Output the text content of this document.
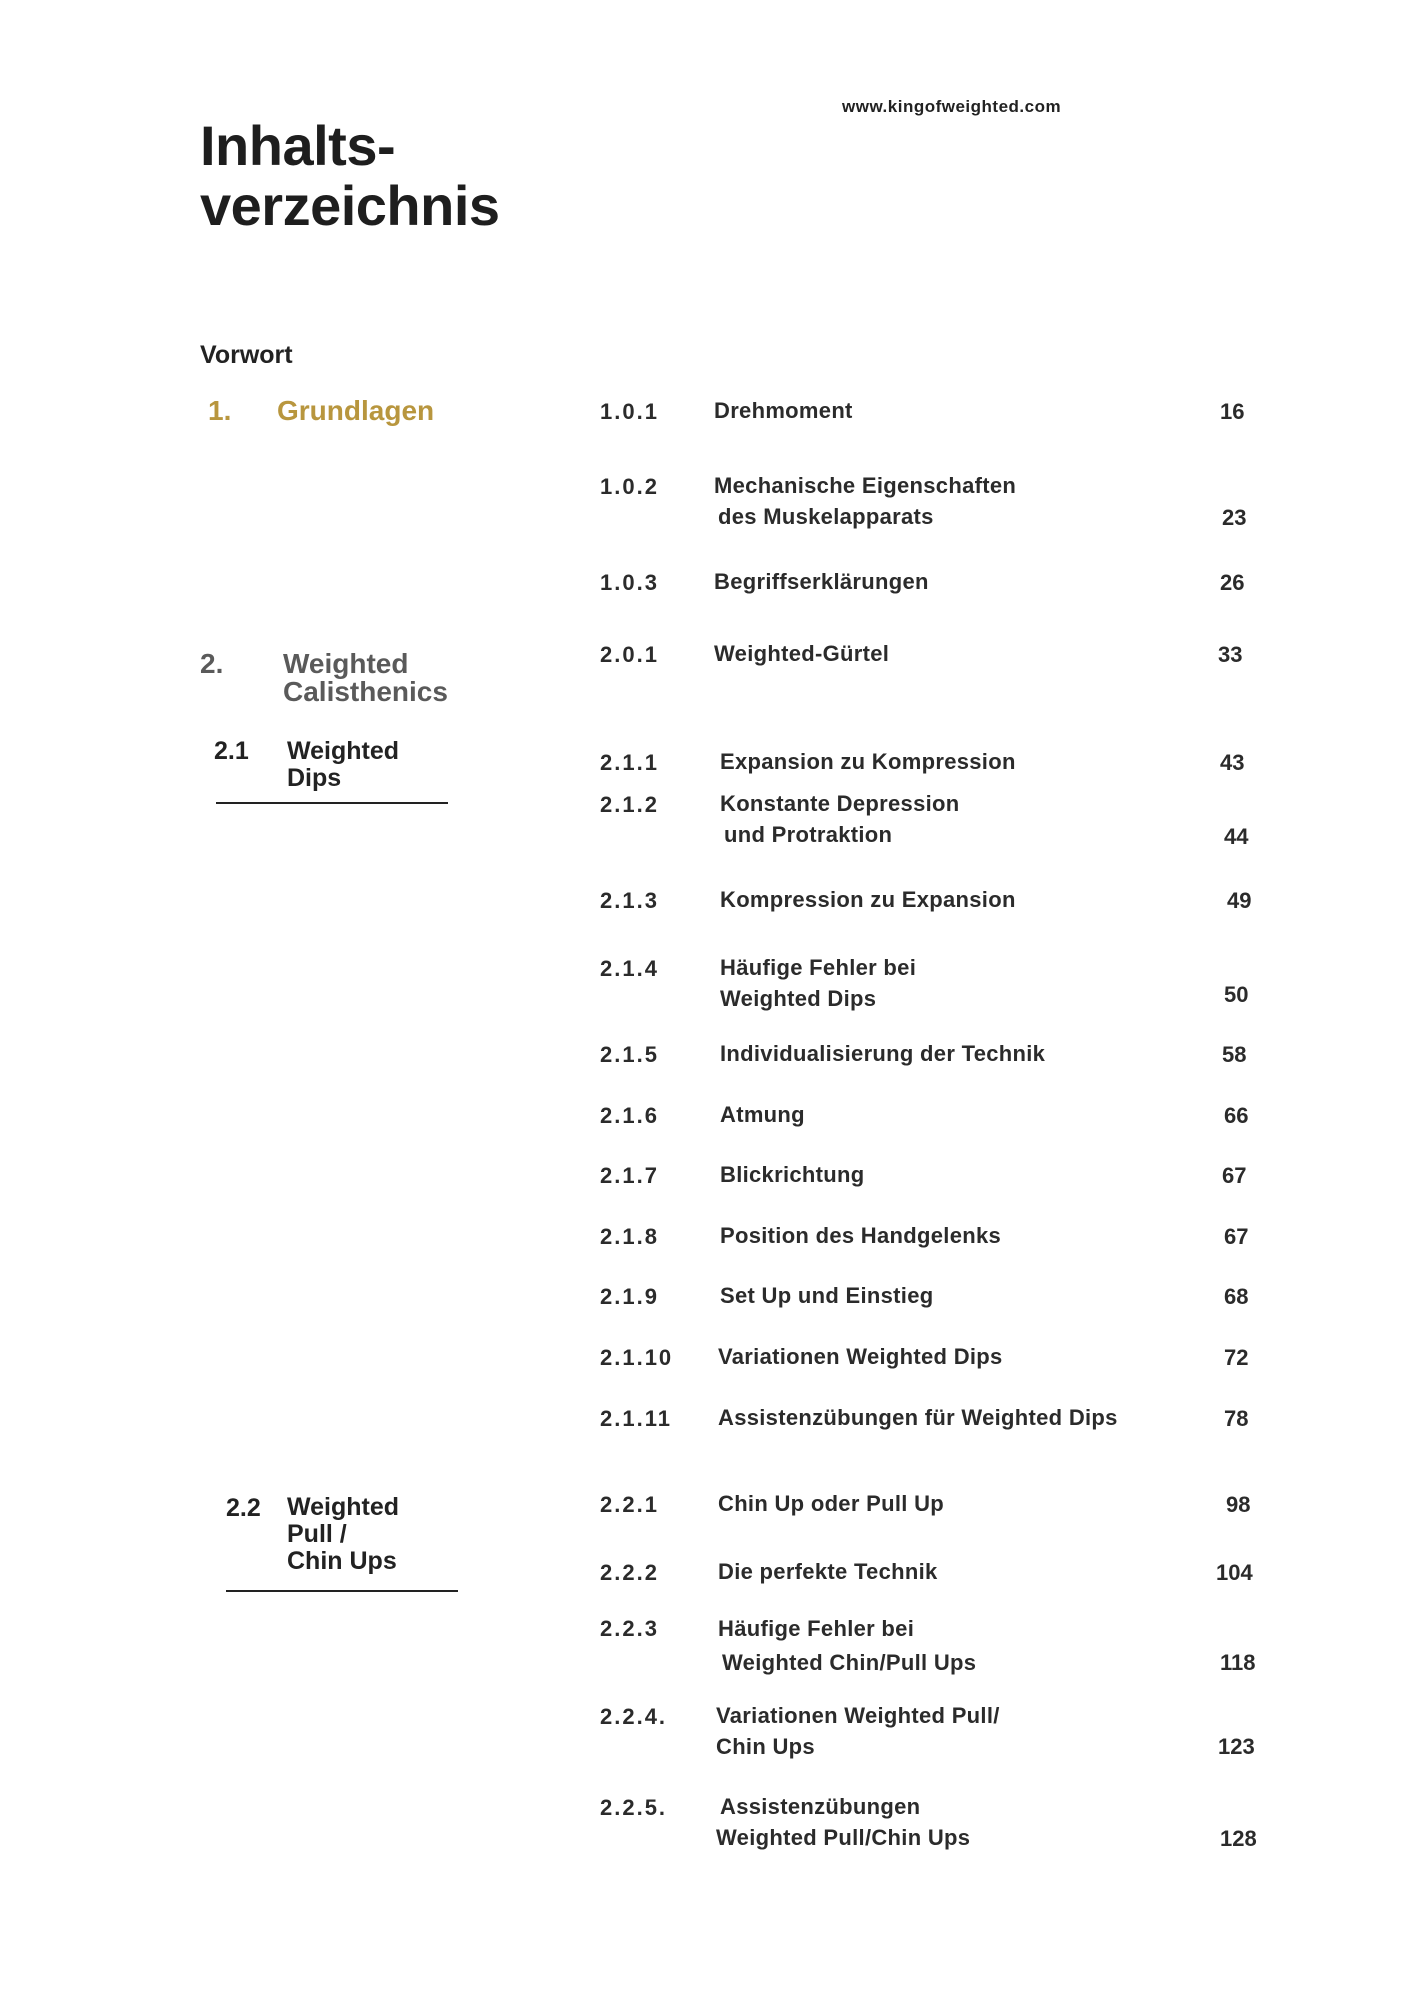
www.kingofweighted.com
Inhalts-
verzeichnis
Vorwort
1. Grundlagen
2. Weighted
Calisthenics
2.1 Weighted
Dips
2.2 Weighted
Pull /
Chin Ups
1.0.1	Drehmoment	16
1.0.2	Mechanische Eigenschaften
des Muskelapparats	23
1.0.3	Begriffserklärungen	26
2.0.1	Weighted-Gürtel	33
2.1.1	Expansion zu Kompression	43
2.1.2	Konstante Depression
und Protraktion	44
2.1.3	Kompression zu Expansion	49
2.1.4	Häufige Fehler bei
Weighted Dips	50
2.1.5	Individualisierung der Technik	58
2.1.6	Atmung	66
2.1.7	Blickrichtung	67
2.1.8	Position des Handgelenks	67
2.1.9	Set Up und Einstieg	68
2.1.10 Variationen Weighted Dips	72
2.1.11 Assistenzübungen für Weighted Dips	78
2.2.1	Chin Up oder Pull Up	98
2.2.2	Die perfekte Technik	104
2.2.3	Häufige Fehler bei
Weighted Chin/Pull Ups	118
2.2.4. Variationen Weighted Pull/
Chin Ups	123
2.2.5. Assistenzübungen
Weighted Pull/Chin Ups	128
